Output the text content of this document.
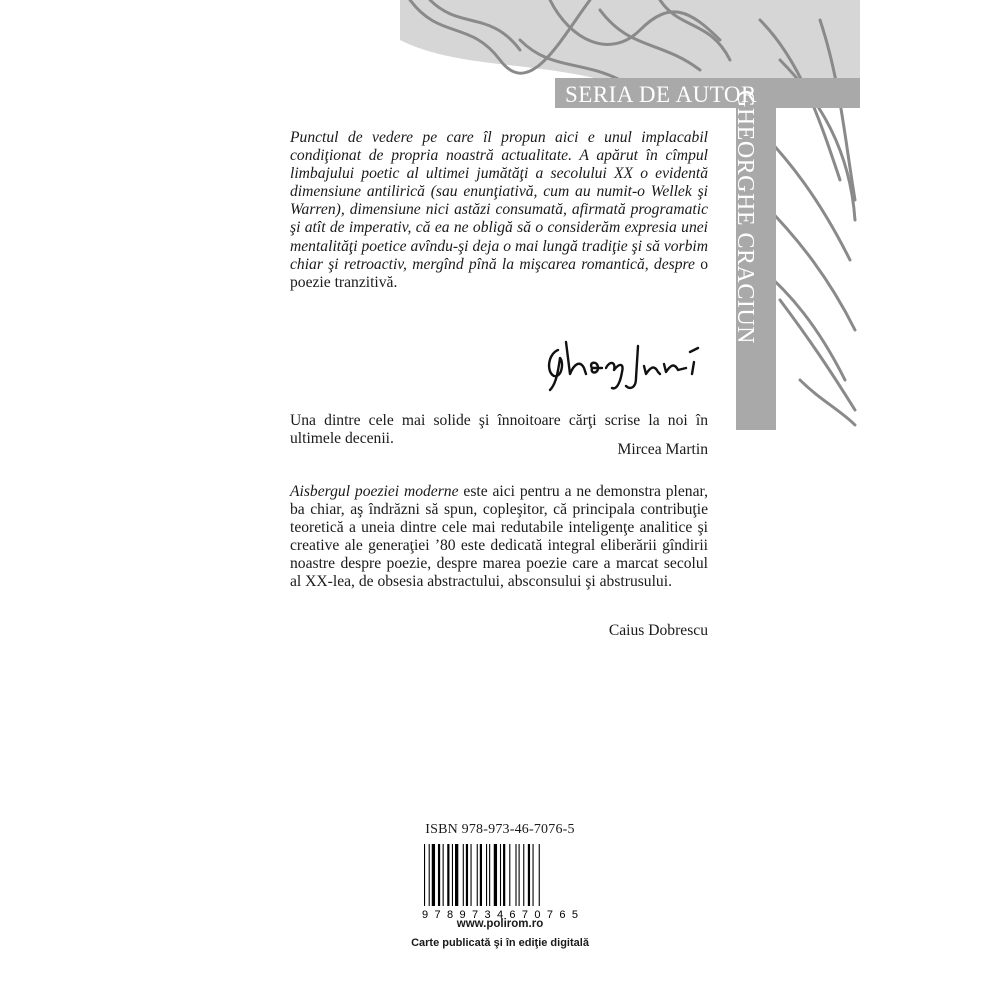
SERIA DE AUTOR
GHEORGHE CRACIUN

Punctul de vedere pe care îl propun aici e unul implacabil condiţionat de propria noastră actualitate. A apărut în cîmpul limbajului poetic al ultimei jumătăţi a secolului XX o evidentă dimensiune antilirică (sau enunţiativă, cum au numit-o Wellek şi Warren), dimensiune nici astăzi consumată, afirmată programatic şi atît de imperativ, că ea ne obligă să o considerăm expresia unei mentalităţi poetice avîndu-şi deja o mai lungă tradiţie şi să vorbim chiar şi retroactiv, mergînd pînă la mişcarea romantică, despre o poezie tranzitivă.

Una dintre cele mai solide şi înnoitoare cărţi scrise la noi în ultimele decenii.

Mircea Martin

Aisbergul poeziei moderne este aici pentru a ne demonstra plenar, ba chiar, aş îndrăzni să spun, copleşitor, că principala contribuţie teoretică a uneia dintre cele mai redutabile inteligenţe analitice şi creative ale generaţiei ’80 este dedicată integral eliberării gîndirii noastre despre poezie, despre marea poezie care a marcat secolul al XX-lea, de obsesia abstractului, absconsului şi abstrusului.

Caius Dobrescu
ISBN 978-973-46-7076-5
9789734670765
www.polirom.ro
Carte publicată şi în ediţie digitală
